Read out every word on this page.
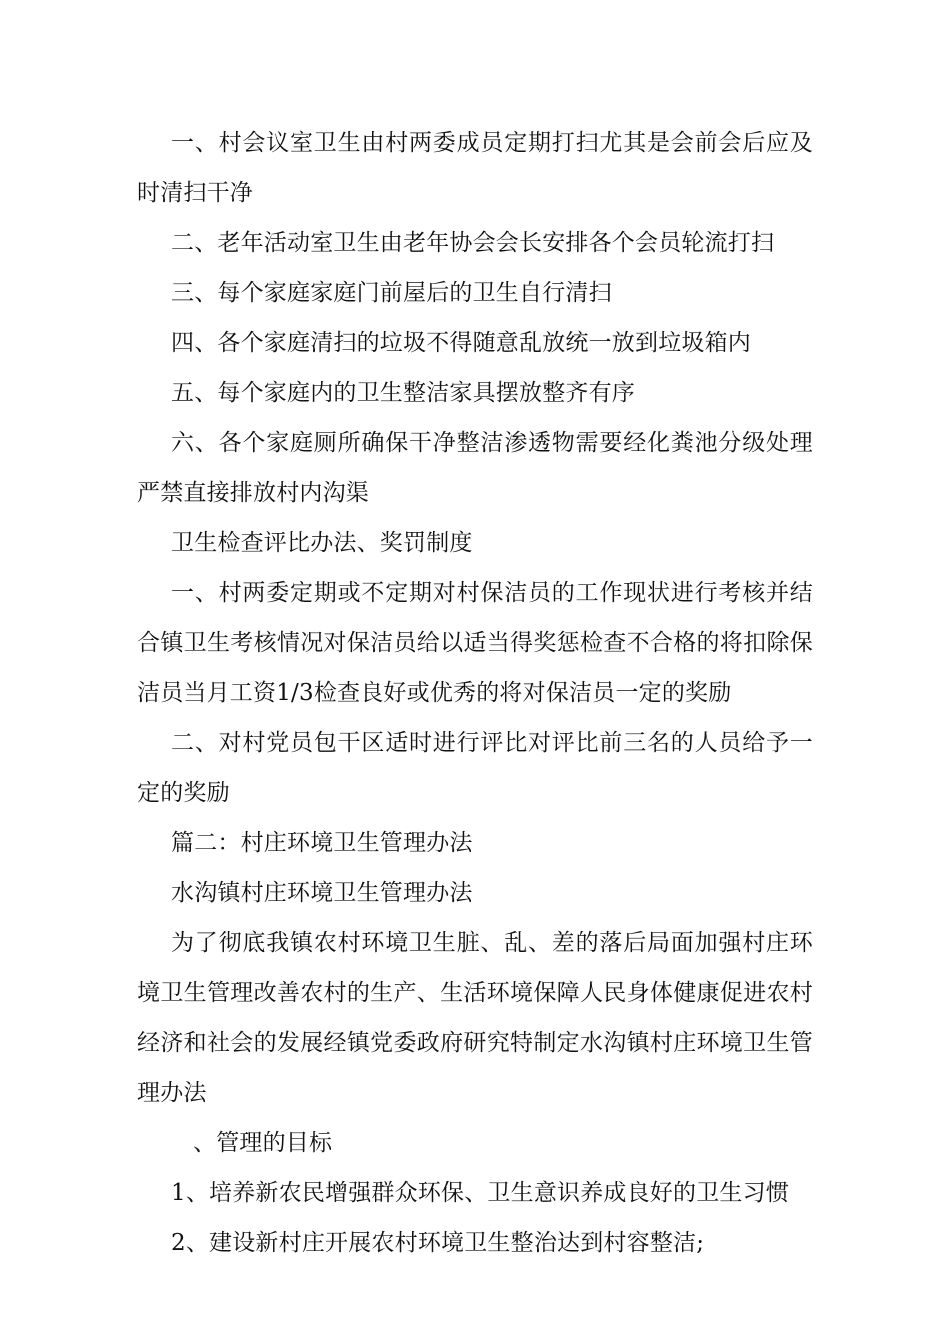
一、村会议室卫生由村两委成员定期打扫尤其是会前会后应及时清扫干净

二、老年活动室卫生由老年协会会长安排各个会员轮流打扫

三、每个家庭家庭门前屋后的卫生自行清扫

四、各个家庭清扫的垃圾不得随意乱放统一放到垃圾箱内

五、每个家庭内的卫生整洁家具摆放整齐有序

六、各个家庭厕所确保干净整洁渗透物需要经化粪池分级处理严禁直接排放村内沟渠

卫生检查评比办法、奖罚制度

一、村两委定期或不定期对村保洁员的工作现状进行考核并结合镇卫生考核情况对保洁员给以适当得奖惩检查不合格的将扣除保洁员当月工资1/3检查良好或优秀的将对保洁员一定的奖励

二、对村党员包干区适时进行评比对评比前三名的人员给予一定的奖励

篇二：村庄环境卫生管理办法

水沟镇村庄环境卫生管理办法

为了彻底我镇农村环境卫生脏、乱、差的落后局面加强村庄环境卫生管理改善农村的生产、生活环境保障人民身体健康促进农村经济和社会的发展经镇党委政府研究特制定水沟镇村庄环境卫生管理办法

、管理的目标

1、培养新农民增强群众环保、卫生意识养成良好的卫生习惯

2、建设新村庄开展农村环境卫生整治达到村容整洁;
